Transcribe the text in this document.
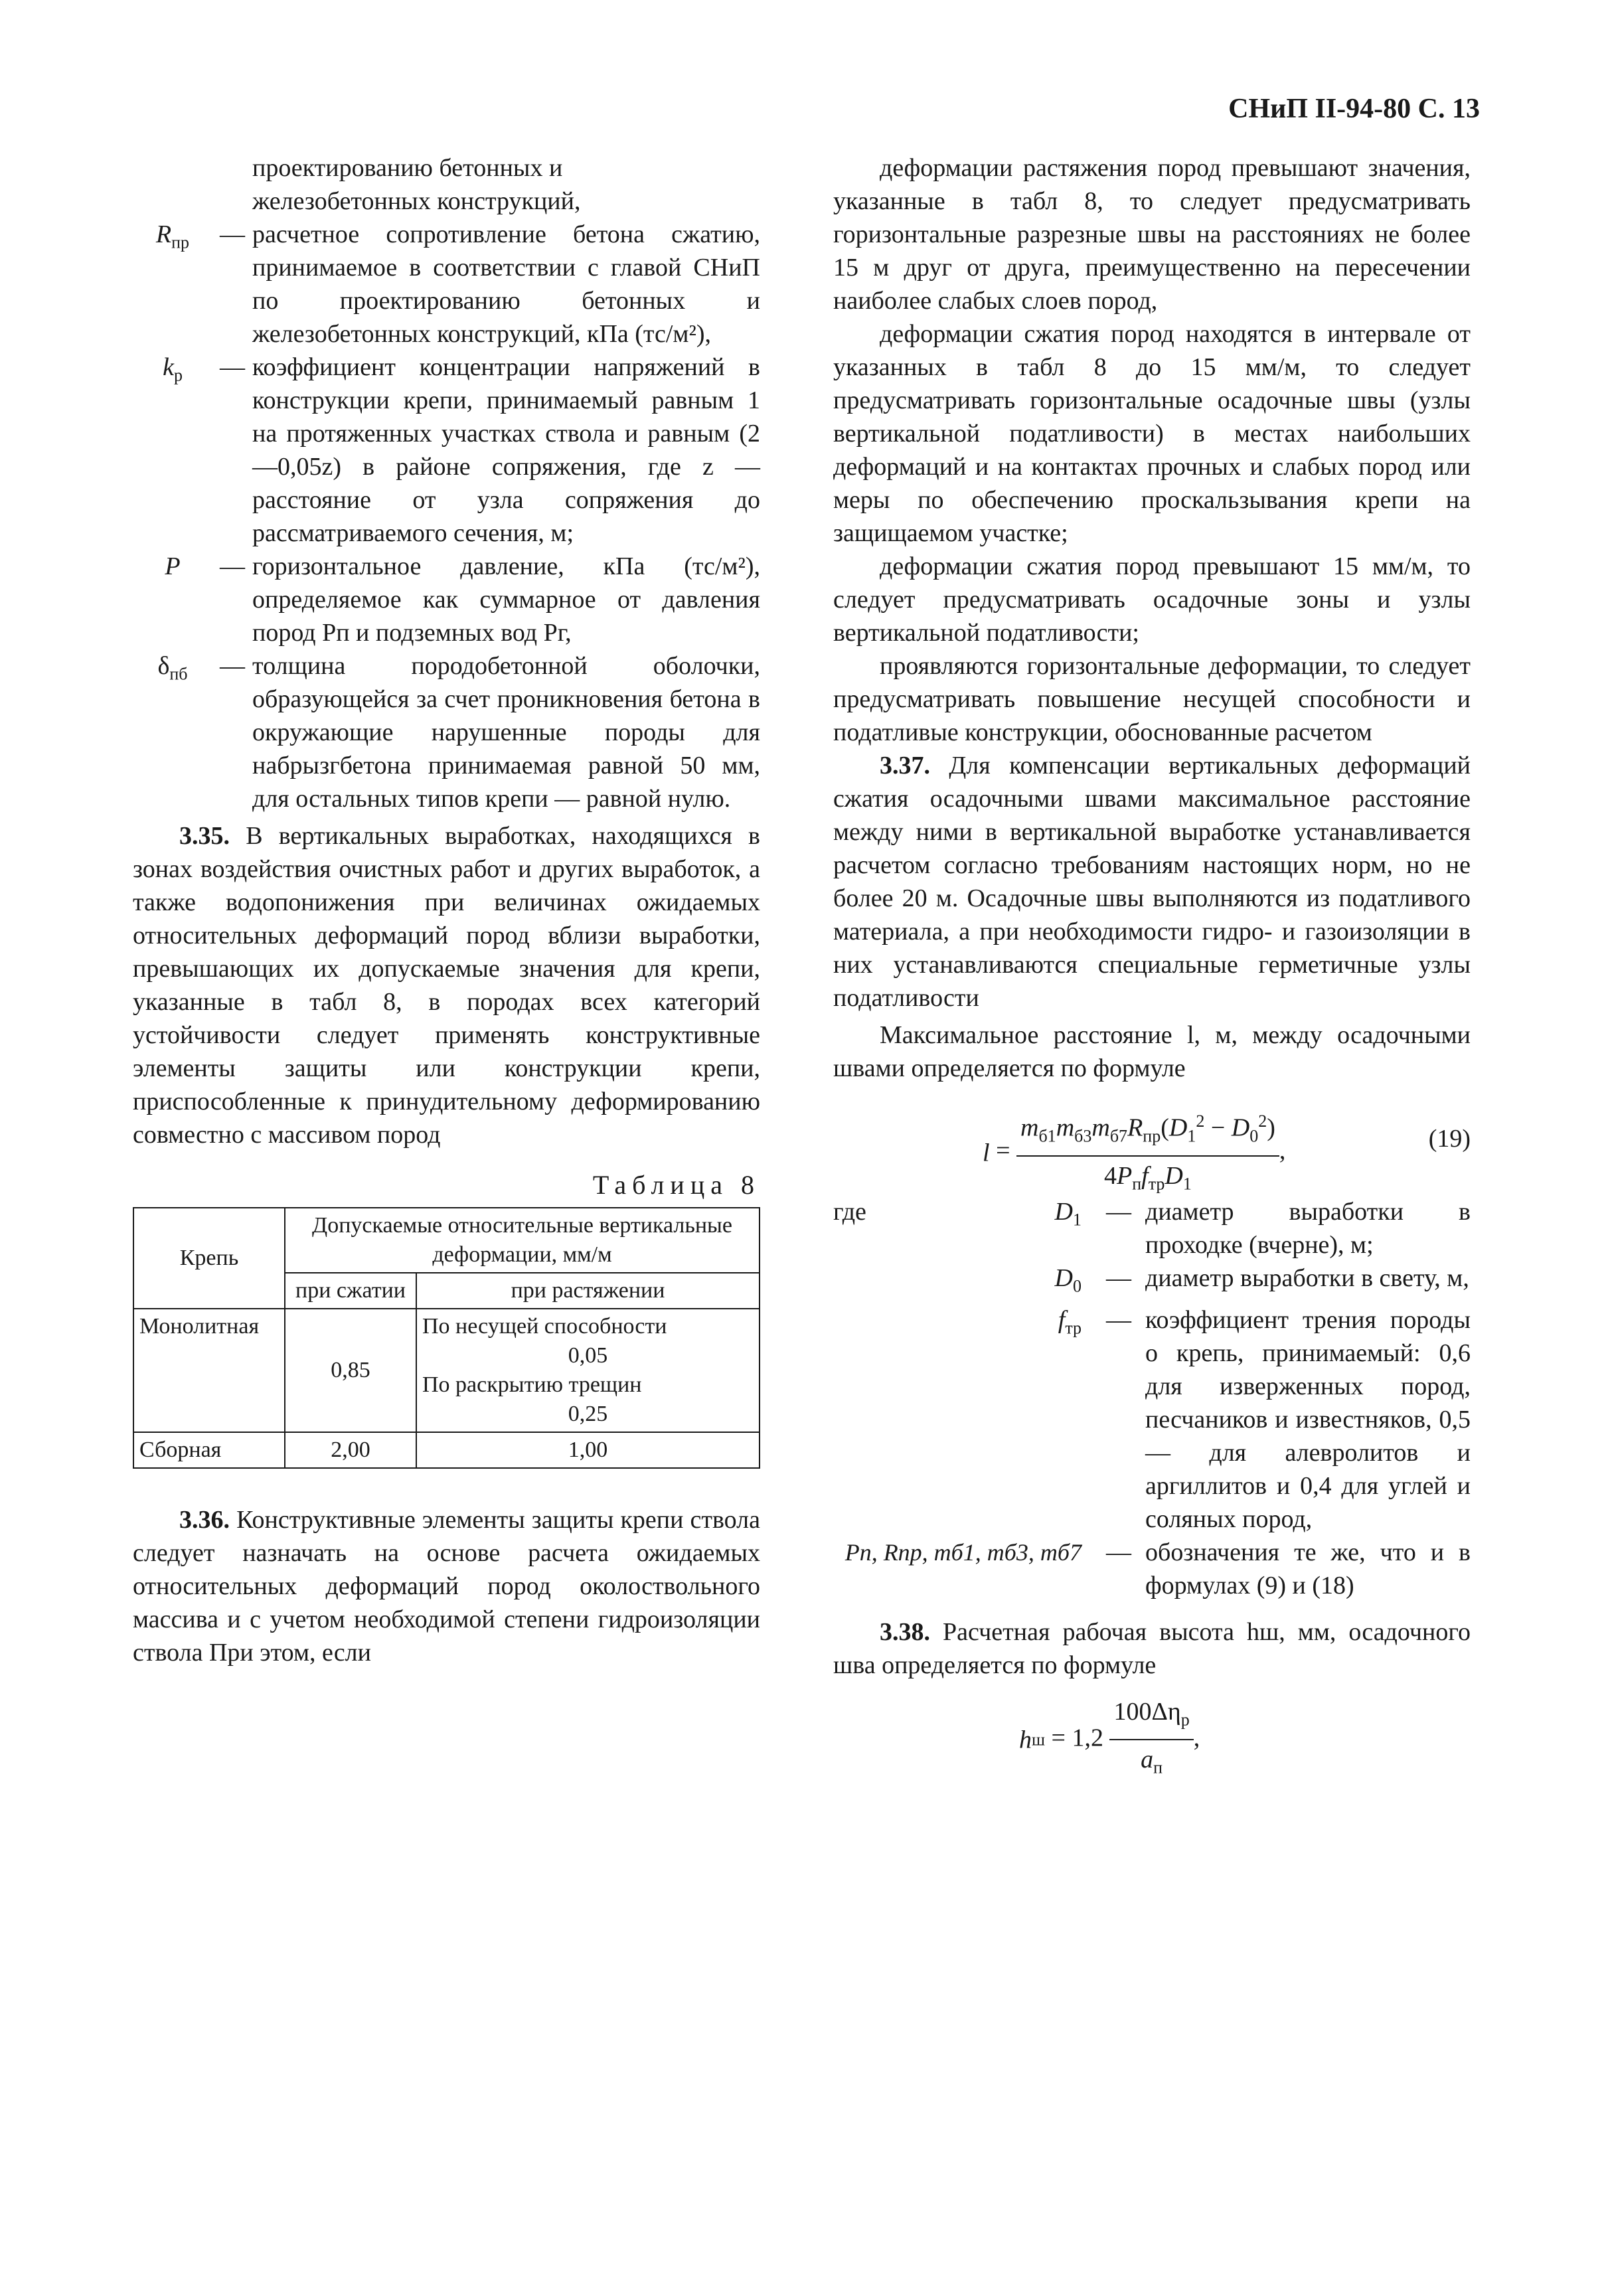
СНиП II-94-80 С. 13
проектированию бетонных и
железобетонных конструкций,
$R_{пр}$	— расчетное сопротивление бетона сжатию, принимаемое в соответствии с главой СНиП по проектированию бетонных и железобетонных конструкций, кПа (тс/м²),
$k_р$	— коэффициент концентрации напряжений в конструкции крепи, принимаемый равным 1 на протяженных участках ствола и равным (2—0,05z) в районе сопряжения, где z — расстояние от узла сопряжения до рассматриваемого сечения, м;
P	— горизонтальное давление, кПа (тс/м²), определяемое как суммарное от давления пород Pп и подземных вод Pг,
$\delta_{пб}$	— толщина породобетонной оболочки, образующейся за счет проникновения бетона в окружающие нарушенные породы для набрызгбетона принимаемая равной 50 мм, для остальных типов крепи — равной нулю.

3.35. В вертикальных выработках, находящихся в зонах воздействия очистных работ и других выработок, а также водопонижения при величинах ожидаемых относительных деформаций пород вблизи выработки, превышающих их допускаемые значения для крепи, указанные в табл 8, в породах всех категорий устойчивости следует применять конструктивные элементы защиты или конструкции крепи, приспособленные к принудительному деформированию совместно с массивом пород

Таблица 8
Крепь	Допускаемые относительные вертикальные деформации, мм/м	
	при сжатии	при растяжении
Монолитная	0,85	По несущей способности
0,05
По раскрытию трещин
0,25

Сборная	2,00	1,00

3.36. Конструктивные элементы защиты крепи ствола следует назначать на основе расчета ожидаемых относительных деформаций пород околоствольного массива и с учетом необходимой степени гидроизоляции ствола При этом, если

деформации растяжения пород превышают значения, указанные в табл 8, то следует предусматривать горизонтальные разрезные швы на расстояниях не более 15 м друг от друга, преимущественно на пересечении наиболее слабых слоев пород,

деформации сжатия пород находятся в интервале от указанных в табл 8 до 15 мм/м, то следует предусматривать горизонтальные осадочные швы (узлы вертикальной податливости) в местах наибольших деформаций и на контактах прочных и слабых пород или меры по обеспечению проскальзывания крепи на защищаемом участке;

деформации сжатия пород превышают 15 мм/м, то следует предусматривать осадочные зоны и узлы вертикальной податливости;

проявляются горизонтальные деформации, то следует предусматривать повышение несущей способности и податливые конструкции, обоснованные расчетом

3.37. Для компенсации вертикальных деформаций сжатия осадочными швами максимальное расстояние между ними в вертикальной выработке устанавливается расчетом согласно требованиям настоящих норм, но не более 20 м. Осадочные швы выполняются из податливого материала, а при необходимости гидро- и газоизоляции в них устанавливаются специальные герметичные узлы податливости

Максимальное расстояние l, м, между осадочными швами определяется по формуле

$l = \frac{m_{б1}m_{б3}m_{б7}R_{пр}(D_1^2 - D_0^2)}{4P_пf_{тр}D_1}$ ,	(19)
где	$D_1$ — диаметр выработки в проходке (вчерне), м;
$D_0$ — диаметр выработки в свету, м,
$f_{тр}$ — коэффициент трения породы о крепь, принимаемый: 0,6 для изверженных пород, песчаников и известняков, 0,5 — для алевролитов и аргиллитов и 0,4 для углей и соляных пород,
Pп, Rпр, mб1, mб3, mб7 — обозначения те же, что и в формулах (9) и (18)

3.38. Расчетная рабочая высота hш, мм, осадочного шва определяется по формуле

hш = $1,2 \frac{100\Delta\eta_р}{a_п}$ ,
